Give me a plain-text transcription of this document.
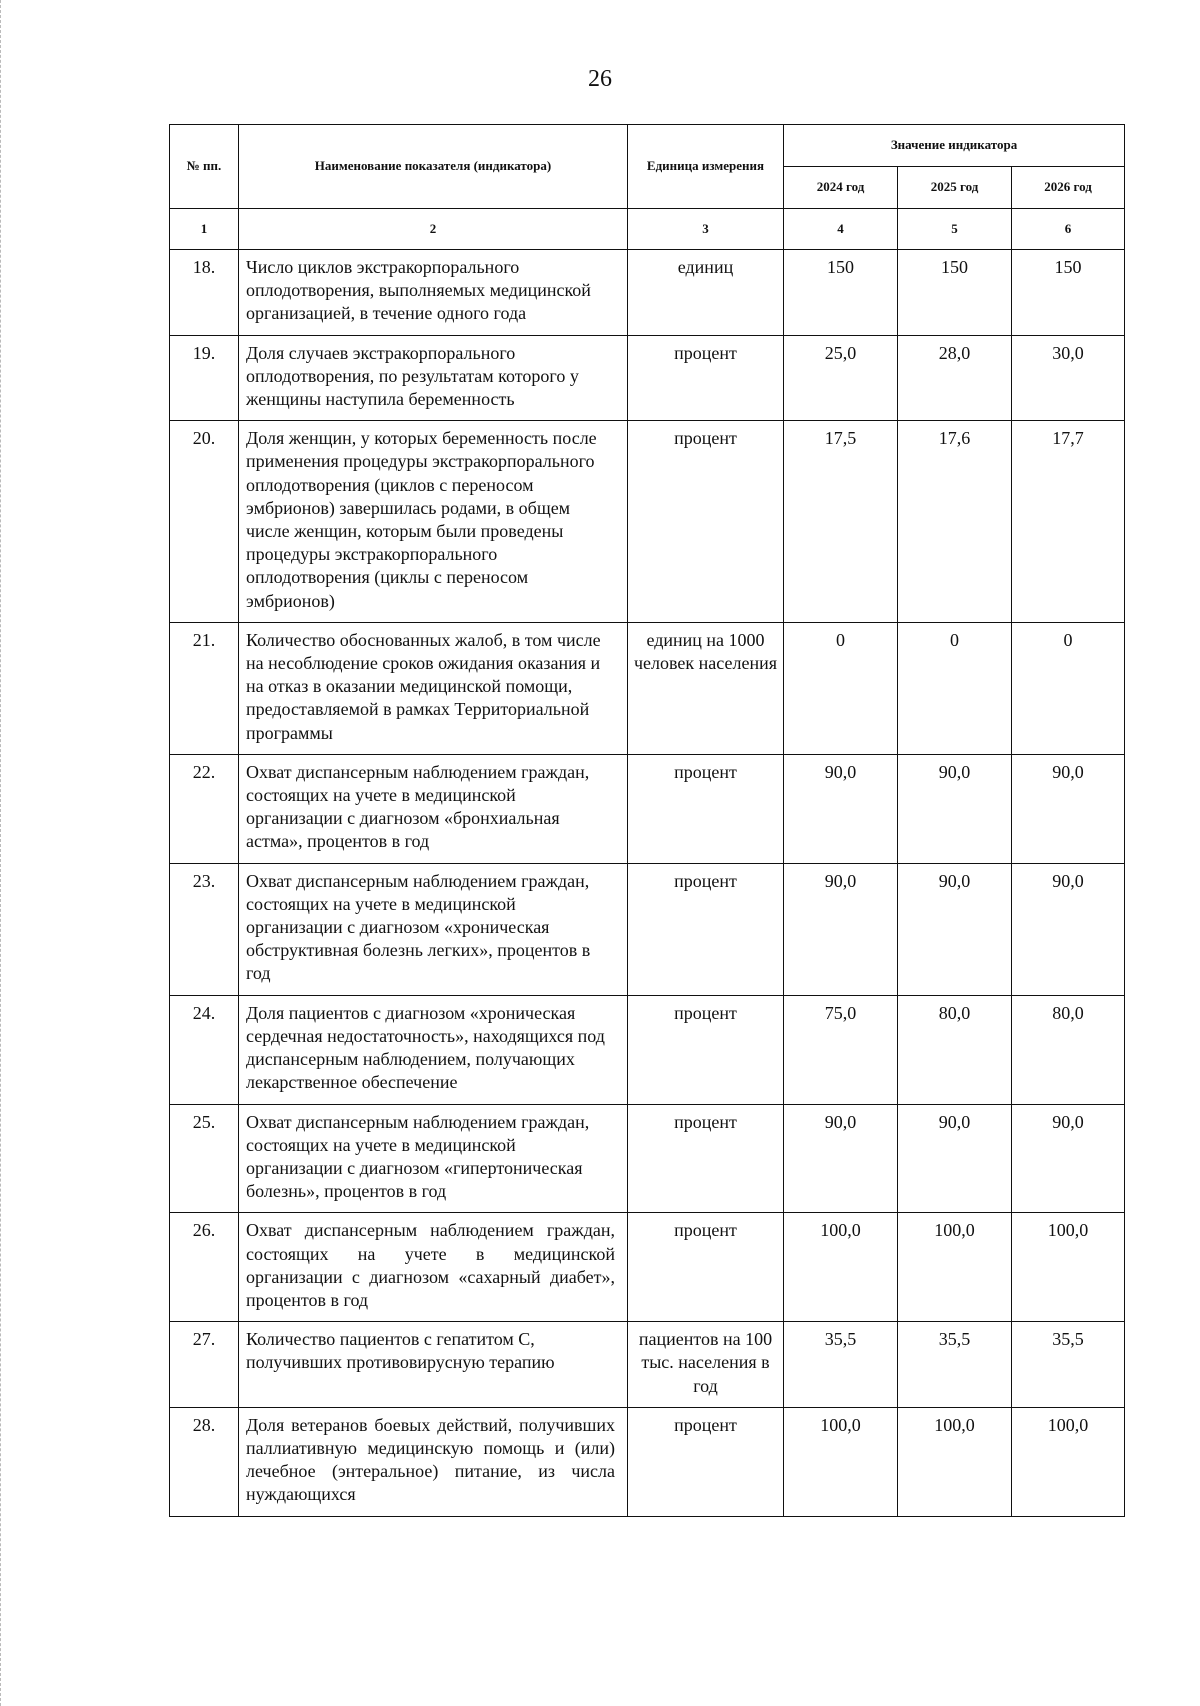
26
№ пп.	Наименование показателя (индикатора)	Единица измерения	Значение индикатора		
			2024 год	2025 год	2026 год
1	2	3	4	5	6
18.	Число циклов экстракорпорального оплодотворения, выполняемых медицинской организацией, в течение одного года	единиц	150	150	150
19.	Доля случаев экстракорпорального оплодотворения, по результатам которого у женщины наступила беременность	процент	25,0	28,0	30,0
20.	Доля женщин, у которых беременность после применения процедуры экстракорпорального оплодотворения (циклов с переносом эмбрионов) завершилась родами, в общем числе женщин, которым были проведены процедуры экстракорпорального оплодотворения (циклы с переносом эмбрионов)	процент	17,5	17,6	17,7
21.	Количество обоснованных жалоб, в том числе на несоблюдение сроков ожидания оказания и на отказ в оказании медицинской помощи, предоставляемой в рамках Территориальной программы	единиц на 1000 человек населения	0	0	0
22.	Охват диспансерным наблюдением граждан, состоящих на учете в медицинской организации с диагнозом «бронхиальная астма», процентов в год	процент	90,0	90,0	90,0
23.	Охват диспансерным наблюдением граждан, состоящих на учете в медицинской организации с диагнозом «хроническая обструктивная болезнь легких», процентов в год	процент	90,0	90,0	90,0
24.	Доля пациентов с диагнозом «хроническая сердечная недостаточность», находящихся под диспансерным наблюдением, получающих лекарственное обеспечение	процент	75,0	80,0	80,0
25.	Охват диспансерным наблюдением граждан, состоящих на учете в медицинской организации с диагнозом «гипертоническая болезнь», процентов в год	процент	90,0	90,0	90,0
26.	Охват диспансерным наблюдением граждан, состоящих на учете в медицинской организации с диагнозом «сахарный диабет», процентов в год	процент	100,0	100,0	100,0
27.	Количество пациентов с гепатитом С, получивших противовирусную терапию	пациентов на 100 тыс. населения в год	35,5	35,5	35,5
28.	Доля ветеранов боевых действий, получивших паллиативную медицинскую помощь и (или) лечебное (энтеральное) питание, из числа нуждающихся	процент	100,0	100,0	100,0
